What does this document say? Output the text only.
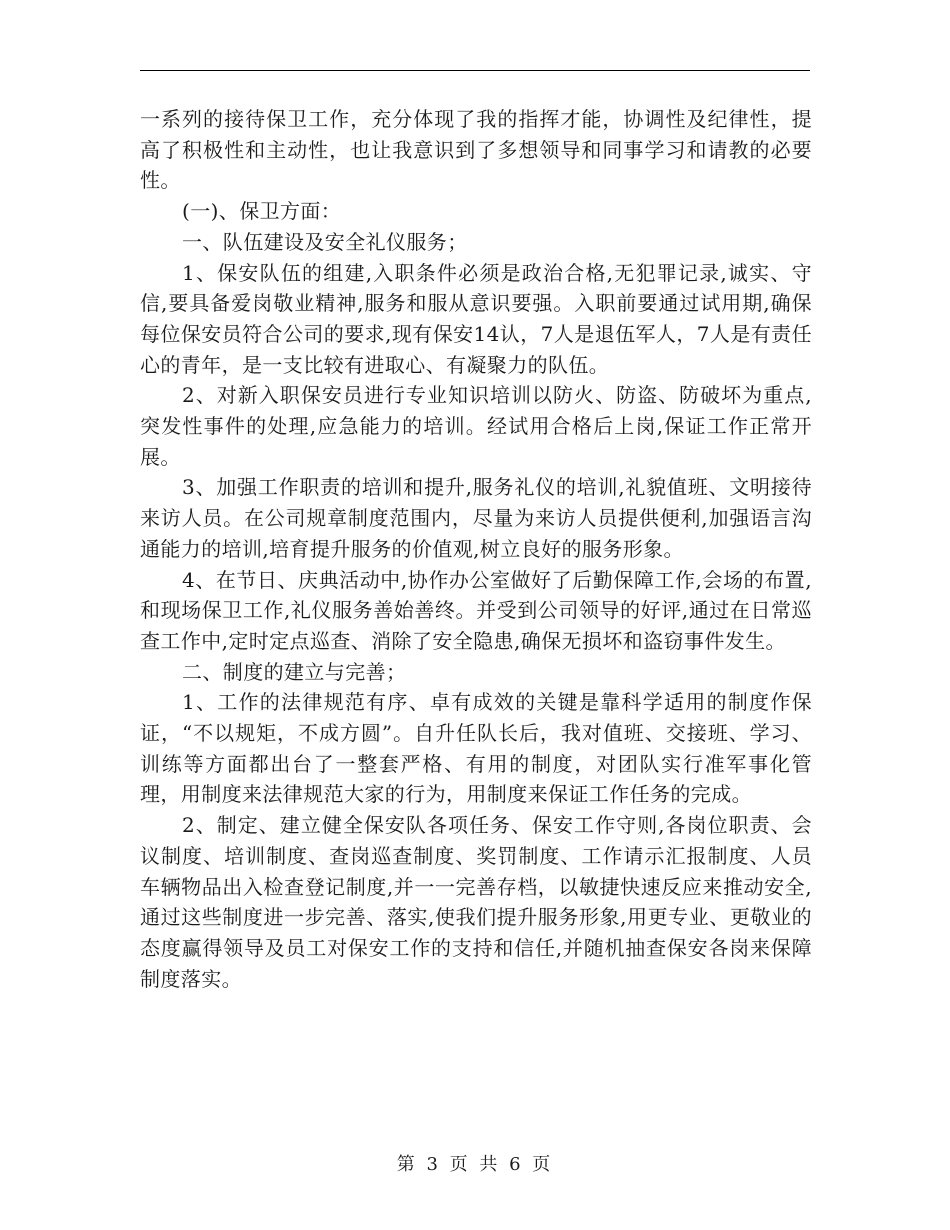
一系列的接待保卫工作，充分体现了我的指挥才能，协调性及纪律性，提高了积极性和主动性，也让我意识到了多想领导和同事学习和请教的必要性。

(一)、保卫方面：

一、队伍建设及安全礼仪服务；

1、保安队伍的组建,入职条件必须是政治合格,无犯罪记录,诚实、守信,要具备爱岗敬业精神,服务和服从意识要强。入职前要通过试用期,确保每位保安员符合公司的要求,现有保安14认，7人是退伍军人，7人是有责任心的青年，是一支比较有进取心、有凝聚力的队伍。

2、对新入职保安员进行专业知识培训以防火、防盗、防破坏为重点,突发性事件的处理,应急能力的培训。经试用合格后上岗,保证工作正常开展。

3、加强工作职责的培训和提升,服务礼仪的培训,礼貌值班、文明接待来访人员。在公司规章制度范围内，尽量为来访人员提供便利,加强语言沟通能力的培训,培育提升服务的价值观,树立良好的服务形象。

4、在节日、庆典活动中,协作办公室做好了后勤保障工作,会场的布置,和现场保卫工作,礼仪服务善始善终。并受到公司领导的好评,通过在日常巡查工作中,定时定点巡查、消除了安全隐患,确保无损坏和盗窃事件发生。

二、制度的建立与完善；

1、工作的法律规范有序、卓有成效的关键是靠科学适用的制度作保证，“不以规矩，不成方圆”。自升任队长后，我对值班、交接班、学习、训练等方面都出台了一整套严格、有用的制度，对团队实行准军事化管理，用制度来法律规范大家的行为，用制度来保证工作任务的完成。

2、制定、建立健全保安队各项任务、保安工作守则,各岗位职责、会议制度、培训制度、查岗巡查制度、奖罚制度、工作请示汇报制度、人员车辆物品出入检查登记制度,并一一完善存档，以敏捷快速反应来推动安全,通过这些制度进一步完善、落实,使我们提升服务形象,用更专业、更敬业的态度赢得领导及员工对保安工作的支持和信任,并随机抽查保安各岗来保障制度落实。

第 3 页 共 6 页
